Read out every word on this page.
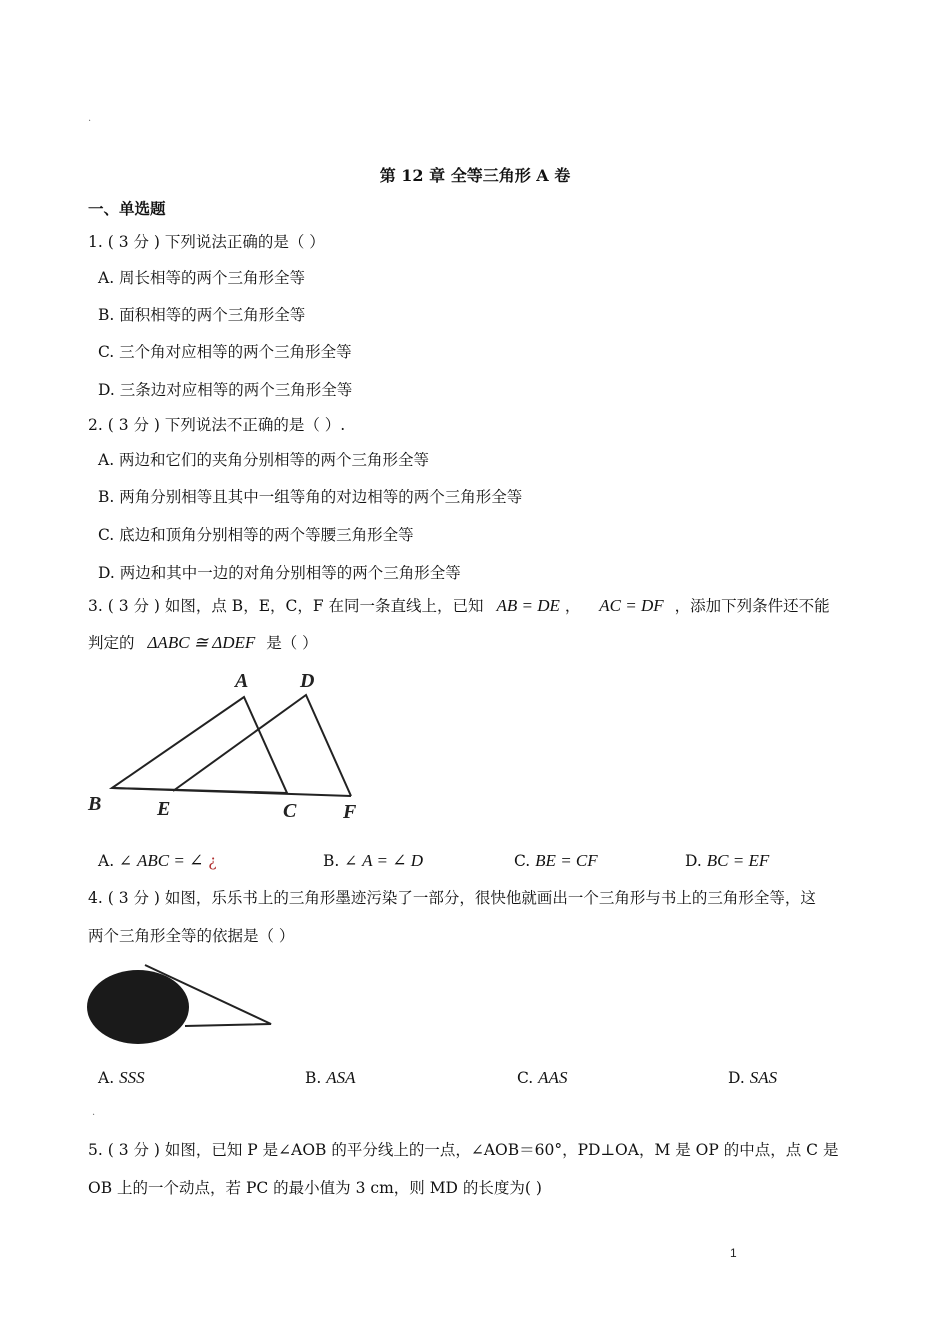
·
第 12 章 全等三角形 A 卷
一、单选题
1. ( 3 分 ) 下列说法正确的是（ ）
A. 周长相等的两个三角形全等
B. 面积相等的两个三角形全等
C. 三个角对应相等的两个三角形全等
D. 三条边对应相等的两个三角形全等
2. ( 3 分 ) 下列说法不正确的是（ ）.
A. 两边和它们的夹角分别相等的两个三角形全等
B. 两角分别相等且其中一组等角的对边相等的两个三角形全等
C. 底边和顶角分别相等的两个等腰三角形全等
D. 两边和其中一边的对角分别相等的两个三角形全等
3. ( 3 分 ) 如图，点 B，E，C，F 在同一条直线上，已知 AB = DE ， AC = DF ，添加下列条件还不能
判定的 ΔABC ≅ ΔDEF 是（ ）
A	D
B	E	C F
A. ∠ ABC = ∠ ¿	B. ∠ A = ∠ D	C. BE = CF	D. BC = EF
4. ( 3 分 ) 如图，乐乐书上的三角形墨迹污染了一部分，很快他就画出一个三角形与书上的三角形全等，这
两个三角形全等的依据是（ ）
A. SSS	B. ASA	C. AAS	D. SAS
·
5. ( 3 分 ) 如图，已知 P 是∠AOB 的平分线上的一点，∠AOB＝60°，PD⊥OA，M 是 OP 的中点，点 C 是
OB 上的一个动点，若 PC 的最小值为 3 cm，则 MD 的长度为( )
1
